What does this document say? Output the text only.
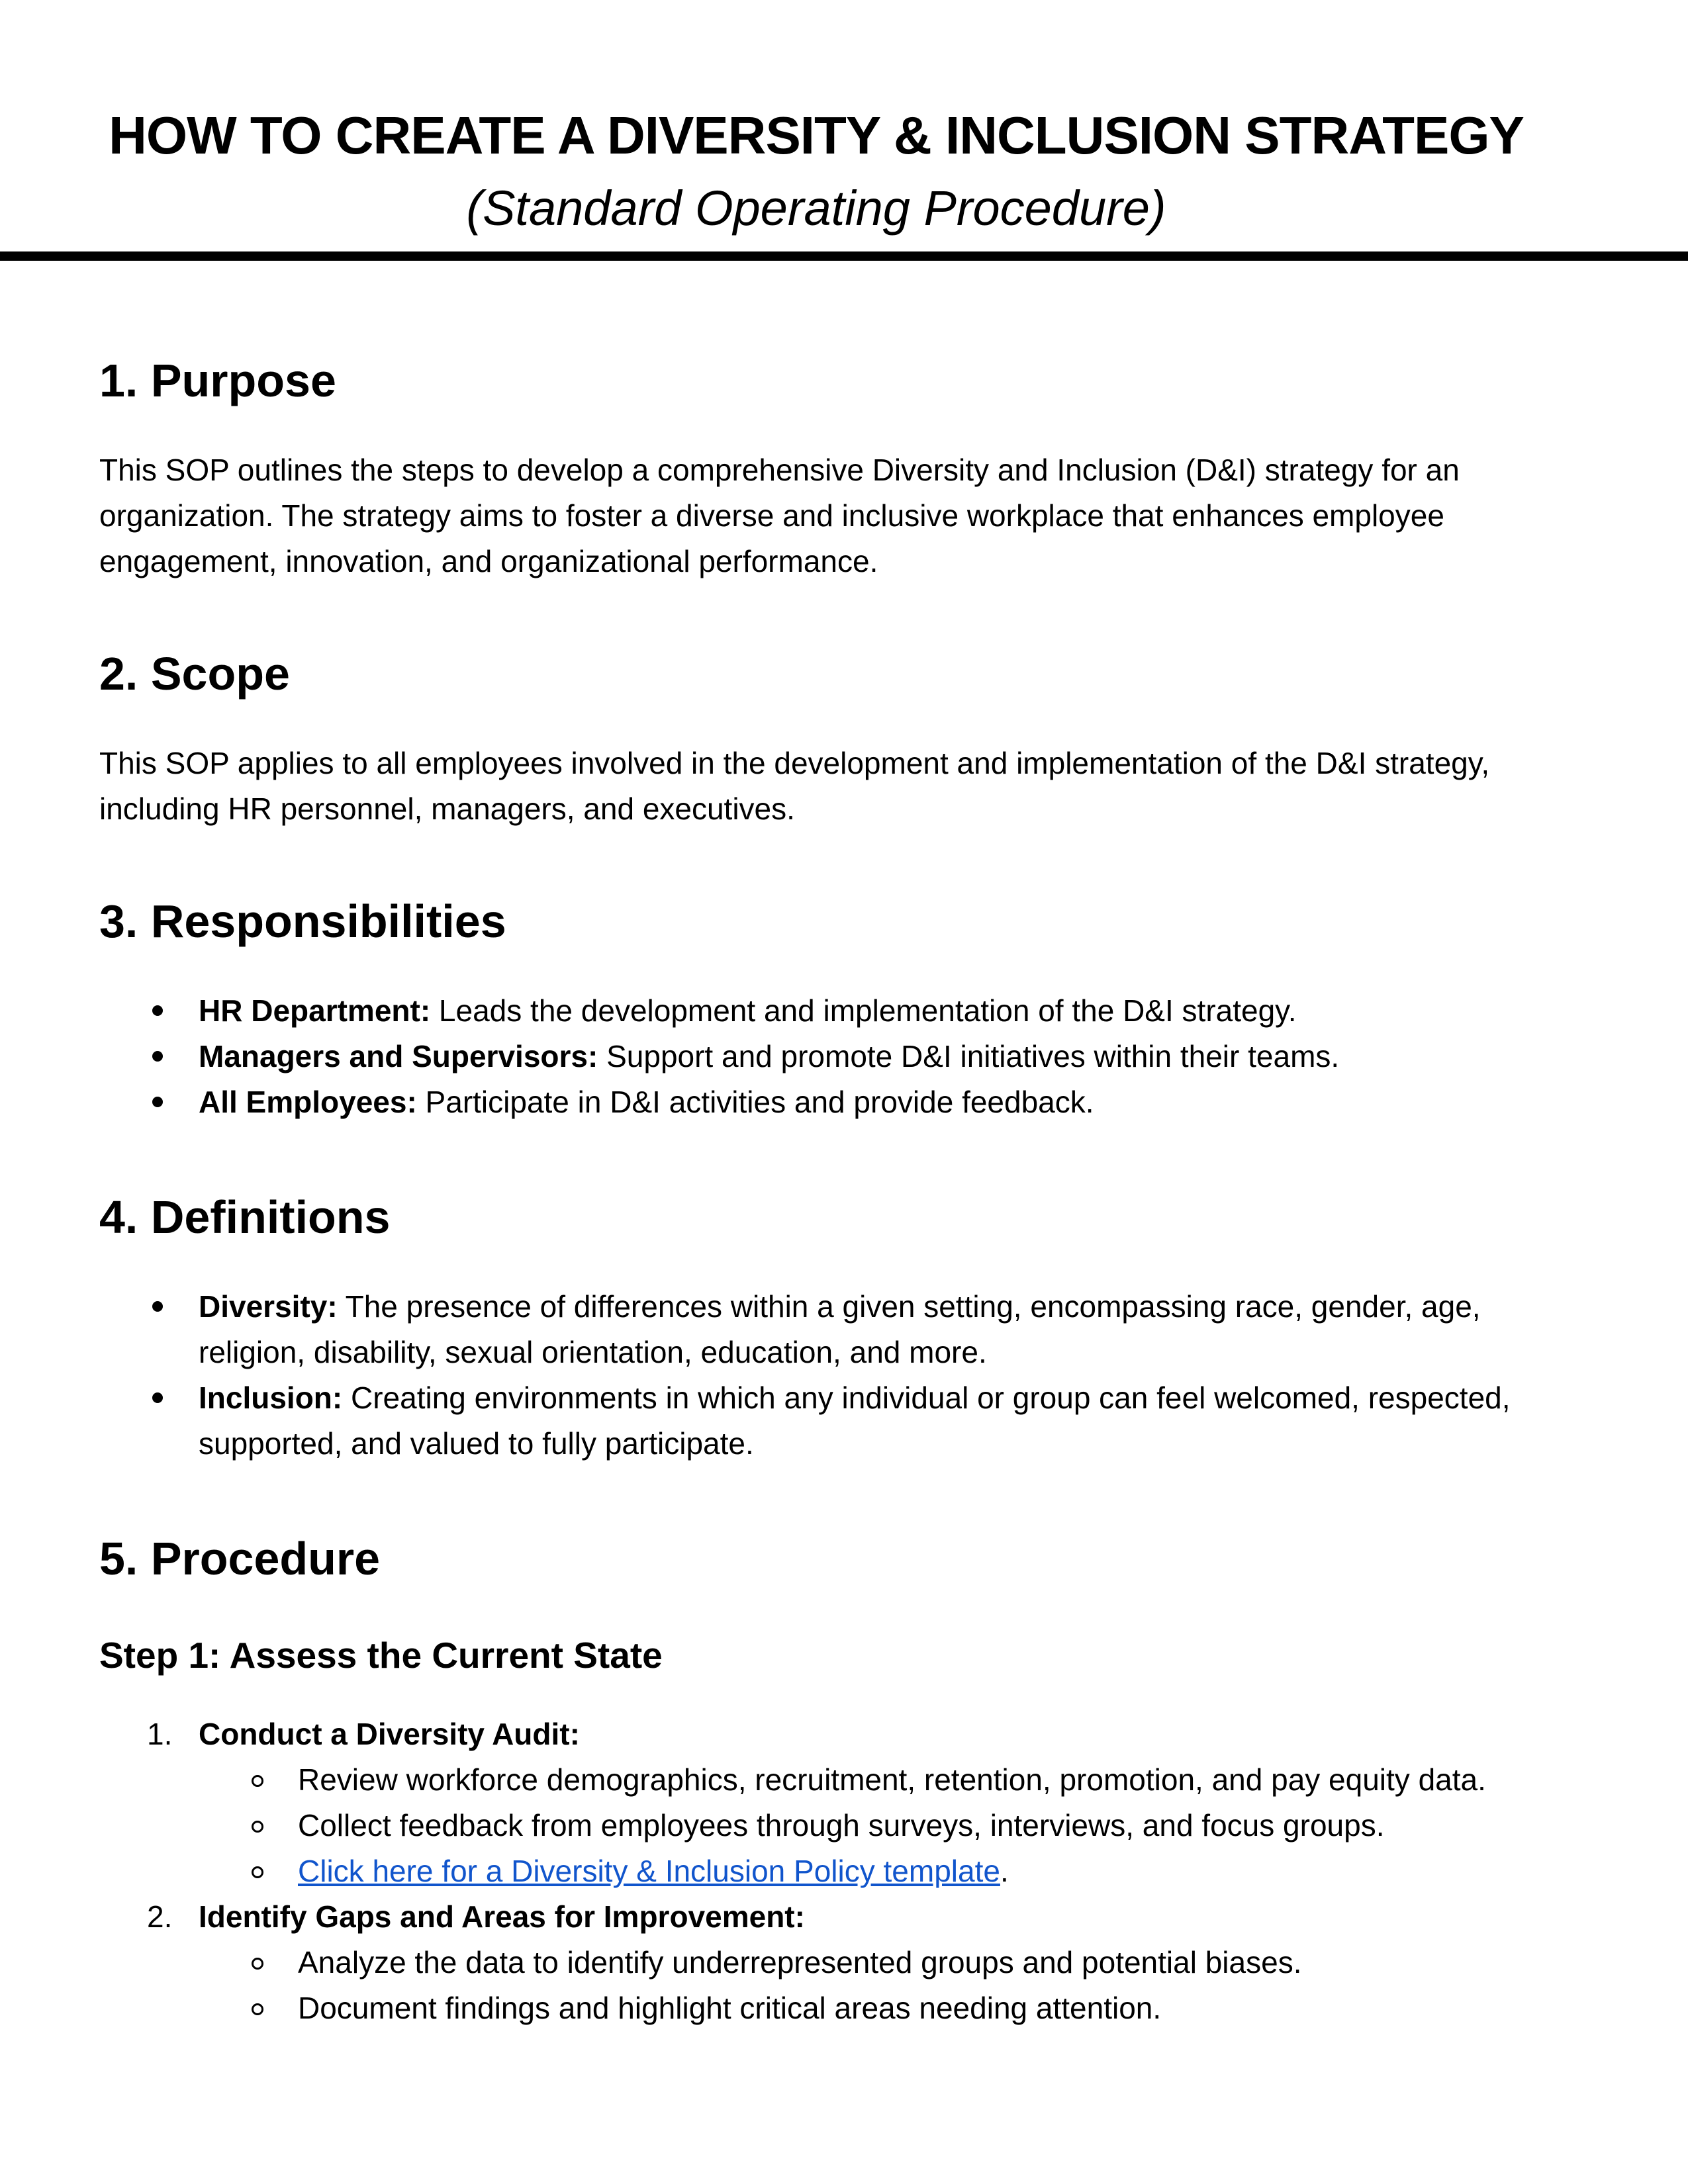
HOW TO CREATE A DIVERSITY & INCLUSION STRATEGY
(Standard Operating Procedure)
1. Purpose

This SOP outlines the steps to develop a comprehensive Diversity and Inclusion (D&I) strategy for an organization. The strategy aims to foster a diverse and inclusive workplace that enhances employee engagement, innovation, and organizational performance.

2. Scope

This SOP applies to all employees involved in the development and implementation of the D&I strategy, including HR personnel, managers, and executives.

3. Responsibilities
HR Department: Leads the development and implementation of the D&I strategy.
Managers and Supervisors: Support and promote D&I initiatives within their teams.
All Employees: Participate in D&I activities and provide feedback.
4. Definitions
Diversity: The presence of differences within a given setting, encompassing race, gender, age, religion, disability, sexual orientation, education, and more.
Inclusion: Creating environments in which any individual or group can feel welcomed, respected, supported, and valued to fully participate.
5. Procedure
Step 1: Assess the Current State
1. Conduct a Diversity Audit:
Review workforce demographics, recruitment, retention, promotion, and pay equity data.
Collect feedback from employees through surveys, interviews, and focus groups.
Click here for a Diversity & Inclusion Policy template.
2. Identify Gaps and Areas for Improvement:
Analyze the data to identify underrepresented groups and potential biases.
Document findings and highlight critical areas needing attention.
